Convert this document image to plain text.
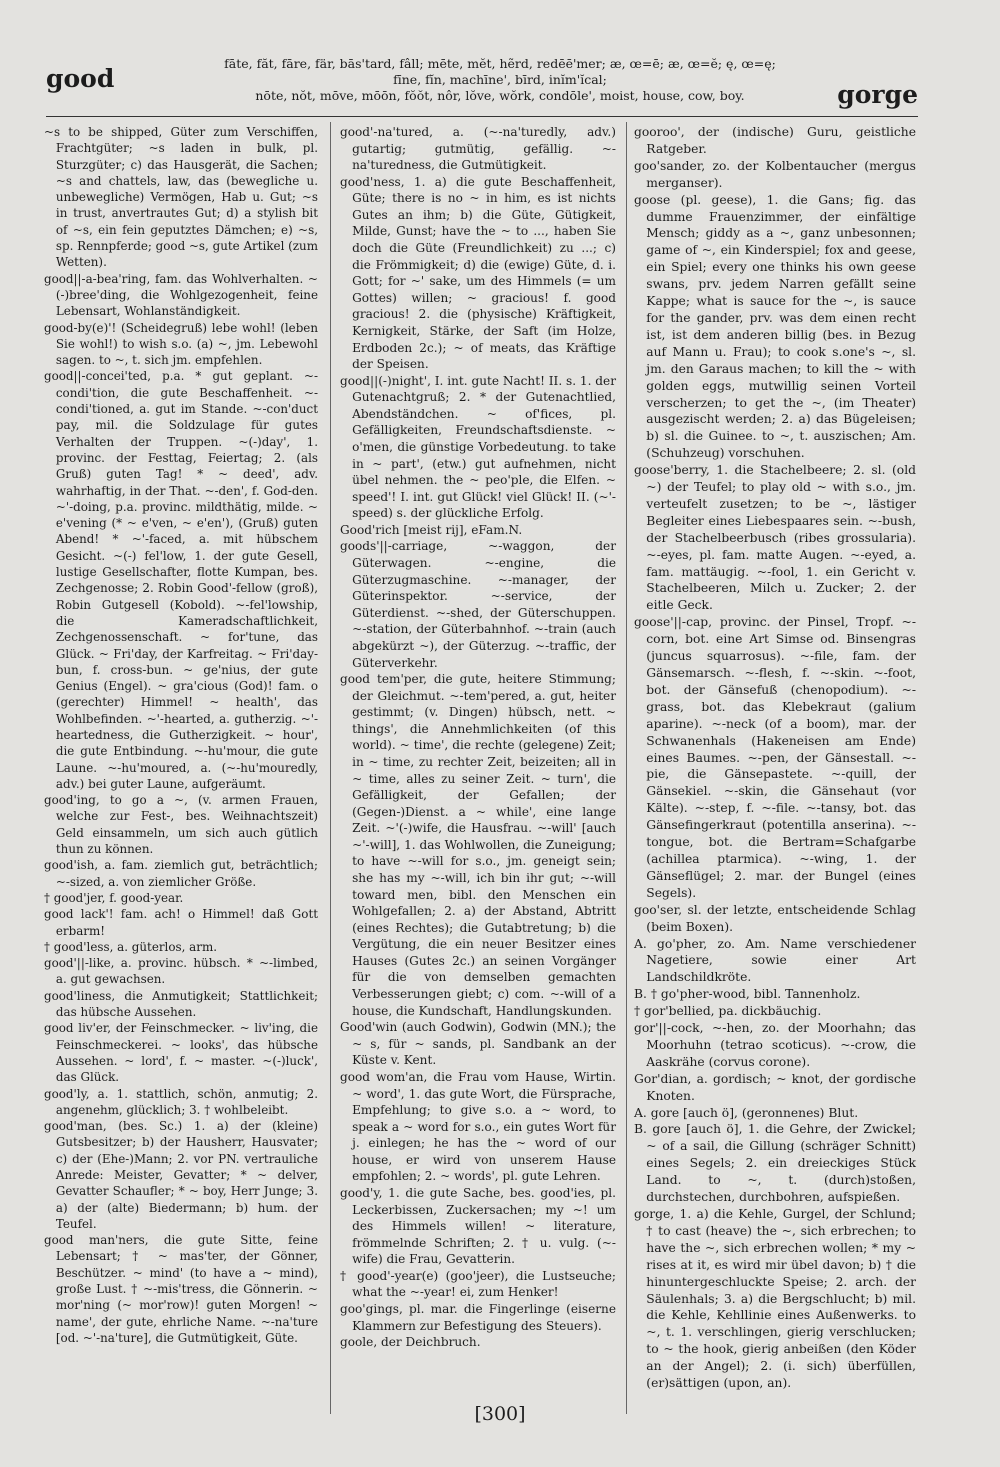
good
fāte, făt, fāre, fär, bās'tard, fâll; mēte, mĕt, hẽrd, redēē'mer; æ, œ=ē; æ, œ=ĕ; ę, œ=ę;
fīne, fĭn, machīne', bīrd, inĭm'ĭcal;
nōte, nŏt, mōve, mōōn, fŏŏt, nôr, lŏve, wŏrk, condōle', moist, house, cow, boy.	gorge

~s to be shipped, Güter zum Verschiffen, Frachtgüter; ~s laden in bulk, pl. Sturzgüter; c) das Hausgerät, die Sachen; ~s and chattels, law, das (bewegliche u. unbewegliche) Vermögen, Hab u. Gut; ~s in trust, anvertrautes Gut; d) a stylish bit of ~s, ein fein geputztes Dämchen; e) ~s, sp. Rennpferde; good ~s, gute Artikel (zum Wetten).

good||-a-bea'ring, fam. das Wohlverhalten. ~(-)bree'ding, die Wohlgezogenheit, feine Lebensart, Wohlanständigkeit.

good-by(e)'! (Scheidegruß) lebe wohl! (leben Sie wohl!) to wish s.o. (a) ~, jm. Lebewohl sagen. to ~, t. sich jm. empfehlen.

good||-concei'ted, p.a. * gut geplant. ~-condi'tion, die gute Beschaffenheit. ~-condi'tioned, a. gut im Stande. ~-con'duct pay, mil. die Soldzulage für gutes Verhalten der Truppen. ~(-)day', 1. provinc. der Festtag, Feiertag; 2. (als Gruß) guten Tag! * ~ deed', adv. wahrhaftig, in der That. ~-den', f. God-den. ~'-doing, p.a. provinc. mildthätig, milde. ~ e'vening (* ~ e'ven, ~ e'en'), (Gruß) guten Abend! * ~'-faced, a. mit hübschem Gesicht. ~(-) fel'low, 1. der gute Gesell, lustige Gesellschafter, flotte Kumpan, bes. Zechgenosse; 2. Robin Good'-fellow (groß), Robin Gutgesell (Kobold). ~-fel'lowship, die Kameradschaftlichkeit, Zechgenossenschaft. ~ for'tune, das Glück. ~ Fri'day, der Karfreitag. ~ Fri'day-bun, f. cross-bun. ~ ge'nius, der gute Genius (Engel). ~ gra'cious (God)! fam. o (gerechter) Himmel! ~ health', das Wohlbefinden. ~'-hearted, a. gutherzig. ~'-heartedness, die Gutherzigkeit. ~ hour', die gute Entbindung. ~-hu'mour, die gute Laune. ~-hu'moured, a. (~-hu'mouredly, adv.) bei guter Laune, aufgeräumt.

good'ing, to go a ~, (v. armen Frauen, welche zur Fest-, bes. Weihnachtszeit) Geld einsammeln, um sich auch gütlich thun zu können.

good'ish, a. fam. ziemlich gut, beträchtlich; ~-sized, a. von ziemlicher Größe.

† good'jer, f. good-year.

good lack'! fam. ach! o Himmel! daß Gott erbarm!

† good'less, a. güterlos, arm.

good'||-like, a. provinc. hübsch. * ~-limbed, a. gut gewachsen.

good'liness, die Anmutigkeit; Stattlichkeit; das hübsche Aussehen.

good liv'er, der Feinschmecker. ~ liv'ing, die Feinschmeckerei. ~ looks', das hübsche Aussehen. ~ lord', f. ~ master. ~(-)luck', das Glück.

good'ly, a. 1. stattlich, schön, anmutig; 2. angenehm, glücklich; 3. † wohlbeleibt.

good'man, (bes. Sc.) 1. a) der (kleine) Gutsbesitzer; b) der Hausherr, Hausvater; c) der (Ehe-)Mann; 2. vor PN. vertrauliche Anrede: Meister, Gevatter; * ~ delver, Gevatter Schaufler; * ~ boy, Herr Junge; 3. a) der (alte) Biedermann; b) hum. der Teufel.

good man'ners, die gute Sitte, feine Lebensart; † ~ mas'ter, der Gönner, Beschützer. ~ mind' (to have a ~ mind), große Lust. † ~-mis'tress, die Gönnerin. ~ mor'ning (~ mor'row)! guten Morgen! ~ name', der gute, ehrliche Name. ~-na'ture [od. ~'-na'ture], die Gutmütigkeit, Güte.

good'-na'tured, a. (~-na'turedly, adv.) gutartig; gutmütig, gefällig. ~-na'turedness, die Gutmütigkeit.

good'ness, 1. a) die gute Beschaffenheit, Güte; there is no ~ in him, es ist nichts Gutes an ihm; b) die Güte, Gütigkeit, Milde, Gunst; have the ~ to ..., haben Sie doch die Güte (Freundlichkeit) zu ...; c) die Frömmigkeit; d) die (ewige) Güte, d. i. Gott; for ~' sake, um des Himmels (= um Gottes) willen; ~ gracious! f. good gracious! 2. die (physische) Kräftigkeit, Kernigkeit, Stärke, der Saft (im Holze, Erdboden 2c.); ~ of meats, das Kräftige der Speisen.

good||(-)night', I. int. gute Nacht! II. s. 1. der Gutenachtgruß; 2. * der Gutenachtlied, Abendständchen. ~ of'fices, pl. Gefälligkeiten, Freundschaftsdienste. ~ o'men, die günstige Vorbedeutung. to take in ~ part', (etw.) gut aufnehmen, nicht übel nehmen. the ~ peo'ple, die Elfen. ~ speed'! I. int. gut Glück! viel Glück! II. (~'-speed) s. der glückliche Erfolg.

Good'rich [meist rij], eFam.N.

goods'||-carriage, ~-waggon, der Güterwagen. ~-engine, die Güterzugmaschine. ~-manager, der Güterinspektor. ~-service, der Güterdienst. ~-shed, der Güterschuppen. ~-station, der Güterbahnhof. ~-train (auch abgekürzt ~), der Güterzug. ~-traffic, der Güterverkehr.

good tem'per, die gute, heitere Stimmung; der Gleichmut. ~-tem'pered, a. gut, heiter gestimmt; (v. Dingen) hübsch, nett. ~ things', die Annehmlichkeiten (of this world). ~ time', die rechte (gelegene) Zeit; in ~ time, zu rechter Zeit, beizeiten; all in ~ time, alles zu seiner Zeit. ~ turn', die Gefälligkeit, der Gefallen; der (Gegen-)Dienst. a ~ while', eine lange Zeit. ~'(-)wife, die Hausfrau. ~-will' [auch ~'-will], 1. das Wohlwollen, die Zuneigung; to have ~-will for s.o., jm. geneigt sein; she has my ~-will, ich bin ihr gut; ~-will toward men, bibl. den Menschen ein Wohlgefallen; 2. a) der Abstand, Abtritt (eines Rechtes); die Gutabtretung; b) die Vergütung, die ein neuer Besitzer eines Hauses (Gutes 2c.) an seinen Vorgänger für die von demselben gemachten Verbesserungen giebt; c) com. ~-will of a house, die Kundschaft, Handlungskunden.

Good'win (auch Godwin), Godwin (MN.); the ~ s, für ~ sands, pl. Sandbank an der Küste v. Kent.

good wom'an, die Frau vom Hause, Wirtin. ~ word', 1. das gute Wort, die Fürsprache, Empfehlung; to give s.o. a ~ word, to speak a ~ word for s.o., ein gutes Wort für j. einlegen; he has the ~ word of our house, er wird von unserem Hause empfohlen; 2. ~ words', pl. gute Lehren.

good'y, 1. die gute Sache, bes. good'ies, pl. Leckerbissen, Zuckersachen; my ~! um des Himmels willen! ~ literature, frömmelnde Schriften; 2. † u. vulg. (~-wife) die Frau, Gevatterin.

† good'-year(e) (goo'jeer), die Lustseuche; what the ~-year! ei, zum Henker!

goo'gings, pl. mar. die Fingerlinge (eiserne Klammern zur Befestigung des Steuers).

goole, der Deichbruch.

gooroo', der (indische) Guru, geistliche Ratgeber.

goo'sander, zo. der Kolbentaucher (mergus merganser).

goose (pl. geese), 1. die Gans; fig. das dumme Frauenzimmer, der einfältige Mensch; giddy as a ~, ganz unbesonnen; game of ~, ein Kinderspiel; fox and geese, ein Spiel; every one thinks his own geese swans, prv. jedem Narren gefällt seine Kappe; what is sauce for the ~, is sauce for the gander, prv. was dem einen recht ist, ist dem anderen billig (bes. in Bezug auf Mann u. Frau); to cook s.one's ~, sl. jm. den Garaus machen; to kill the ~ with golden eggs, mutwillig seinen Vorteil verscherzen; to get the ~, (im Theater) ausgezischt werden; 2. a) das Bügeleisen; b) sl. die Guinee. to ~, t. auszischen; Am. (Schuhzeug) vorschuhen.

goose'berry, 1. die Stachelbeere; 2. sl. (old ~) der Teufel; to play old ~ with s.o., jm. verteufelt zusetzen; to be ~, lästiger Begleiter eines Liebespaares sein. ~-bush, der Stachelbeerbusch (ribes grossularia). ~-eyes, pl. fam. matte Augen. ~-eyed, a. fam. mattäugig. ~-fool, 1. ein Gericht v. Stachelbeeren, Milch u. Zucker; 2. der eitle Geck.

goose'||-cap, provinc. der Pinsel, Tropf. ~-corn, bot. eine Art Simse od. Binsengras (juncus squarrosus). ~-file, fam. der Gänsemarsch. ~-flesh, f. ~-skin. ~-foot, bot. der Gänsefuß (chenopodium). ~-grass, bot. das Klebekraut (galium aparine). ~-neck (of a boom), mar. der Schwanenhals (Hakeneisen am Ende) eines Baumes. ~-pen, der Gänsestall. ~-pie, die Gänsepastete. ~-quill, der Gänsekiel. ~-skin, die Gänsehaut (vor Kälte). ~-step, f. ~-file. ~-tansy, bot. das Gänsefingerkraut (potentilla anserina). ~-tongue, bot. die Bertram=Schafgarbe (achillea ptarmica). ~-wing, 1. der Gänseflügel; 2. mar. der Bungel (eines Segels).

goo'ser, sl. der letzte, entscheidende Schlag (beim Boxen).

A. go'pher, zo. Am. Name verschiedener Nagetiere, sowie einer Art Landschildkröte.

B. † go'pher-wood, bibl. Tannenholz.

† gor'bellied, pa. dickbäuchig.

gor'||-cock, ~-hen, zo. der Moorhahn; das Moorhuhn (tetrao scoticus). ~-crow, die Aaskrähe (corvus corone).

Gor'dian, a. gordisch; ~ knot, der gordische Knoten.

A. gore [auch ö], (geronnenes) Blut.

B. gore [auch ö], 1. die Gehre, der Zwickel; ~ of a sail, die Gillung (schräger Schnitt) eines Segels; 2. ein dreieckiges Stück Land. to ~, t. (durch)stoßen, durchstechen, durchbohren, aufspießen.

gorge, 1. a) die Kehle, Gurgel, der Schlund; † to cast (heave) the ~, sich erbrechen; to have the ~, sich erbrechen wollen; * my ~ rises at it, es wird mir übel davon; b) † die hinuntergeschluckte Speise; 2. arch. der Säulenhals; 3. a) die Bergschlucht; b) mil. die Kehle, Kehllinie eines Außenwerks. to ~, t. 1. verschlingen, gierig verschlucken; to ~ the hook, gierig anbeißen (den Köder an der Angel); 2. (i. sich) überfüllen, (er)sättigen (upon, an).

[300]
